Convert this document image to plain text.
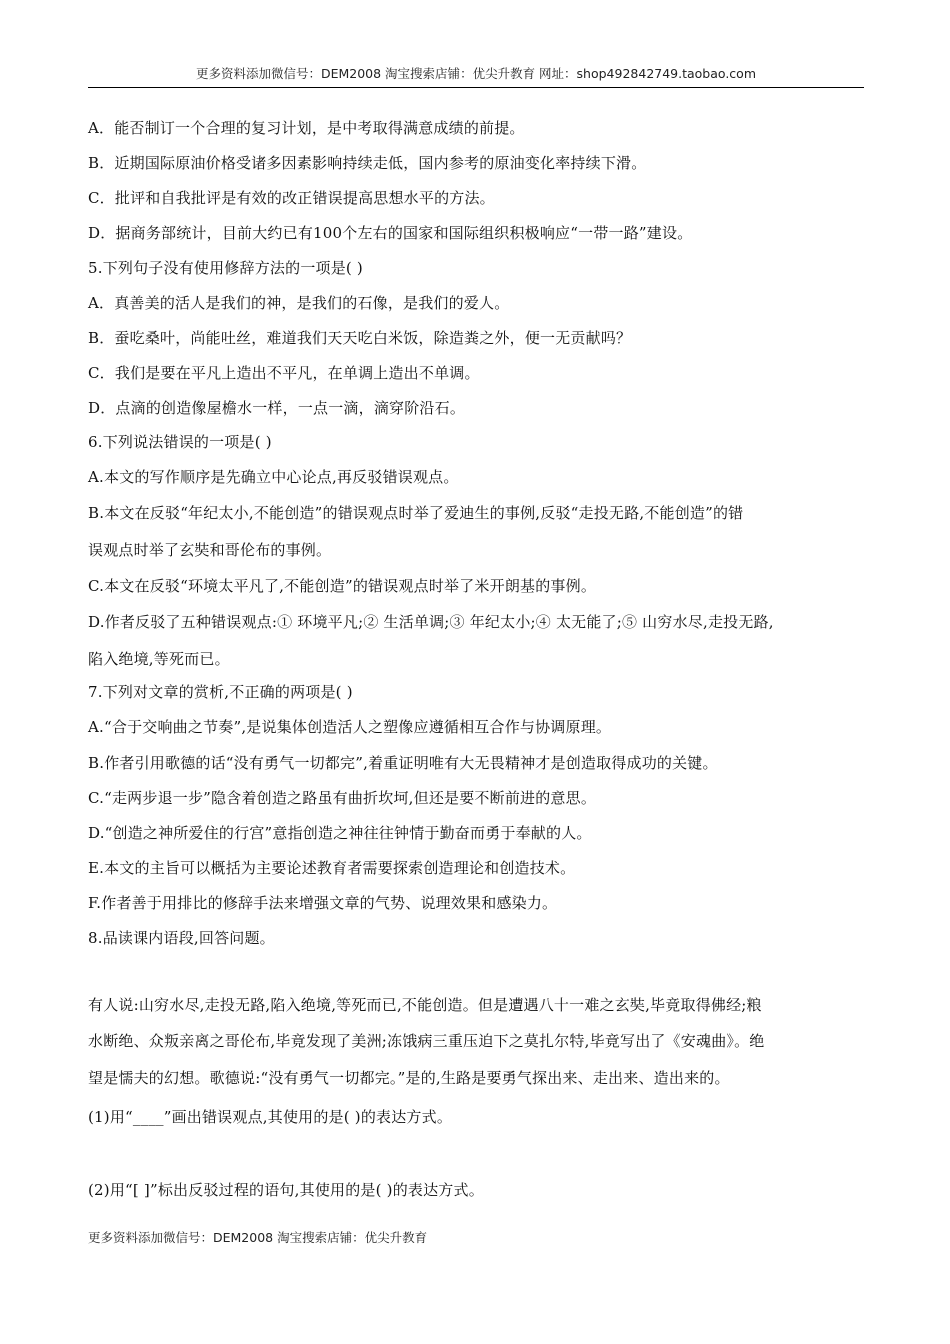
更多资料添加微信号：DEM2008 淘宝搜索店铺：优尖升教育 网址：shop492842749.taobao.com
A．能否制订一个合理的复习计划，是中考取得满意成绩的前提。
B．近期国际原油价格受诸多因素影响持续走低，国内参考的原油变化率持续下滑。
C．批评和自我批评是有效的改正错误提高思想水平的方法。
D．据商务部统计，目前大约已有100个左右的国家和国际组织积极响应“一带一路”建设。
5.下列句子没有使用修辞方法的一项是( )
A．真善美的活人是我们的神，是我们的石像，是我们的爱人。
B．蚕吃桑叶，尚能吐丝，难道我们天天吃白米饭，除造粪之外，便一无贡献吗？
C．我们是要在平凡上造出不平凡，在单调上造出不单调。
D．点滴的创造像屋檐水一样，一点一滴，滴穿阶沿石。
6.下列说法错误的一项是( )
A.本文的写作顺序是先确立中心论点,再反驳错误观点。
B.本文在反驳“年纪太小,不能创造”的错误观点时举了爱迪生的事例,反驳“走投无路,不能创造”的错
误观点时举了玄奘和哥伦布的事例。
C.本文在反驳“环境太平凡了,不能创造”的错误观点时举了米开朗基的事例。
D.作者反驳了五种错误观点:① 环境平凡;② 生活单调;③ 年纪太小;④ 太无能了;⑤ 山穷水尽,走投无路,
陷入绝境,等死而已。
7.下列对文章的赏析,不正确的两项是( )
A.“合于交响曲之节奏”,是说集体创造活人之塑像应遵循相互合作与协调原理。
B.作者引用歌德的话“没有勇气一切都完”,着重证明唯有大无畏精神才是创造取得成功的关键。
C.“走两步退一步”隐含着创造之路虽有曲折坎坷,但还是要不断前进的意思。
D.“创造之神所爱住的行宫”意指创造之神往往钟情于勤奋而勇于奉献的人。
E.本文的主旨可以概括为主要论述教育者需要探索创造理论和创造技术。
F.作者善于用排比的修辞手法来增强文章的气势、说理效果和感染力。
8.品读课内语段,回答问题。
有人说:山穷水尽,走投无路,陷入绝境,等死而已,不能创造。但是遭遇八十一难之玄奘,毕竟取得佛经;粮
水断绝、众叛亲离之哥伦布,毕竟发现了美洲;冻饿病三重压迫下之莫扎尔特,毕竟写出了《安魂曲》。绝
望是懦夫的幻想。歌德说:“没有勇气一切都完。”是的,生路是要勇气探出来、走出来、造出来的。
(1)用“____”画出错误观点,其使用的是( )的表达方式。
(2)用“[ ]”标出反驳过程的语句,其使用的是( )的表达方式。
更多资料添加微信号：DEM2008 淘宝搜索店铺：优尖升教育
